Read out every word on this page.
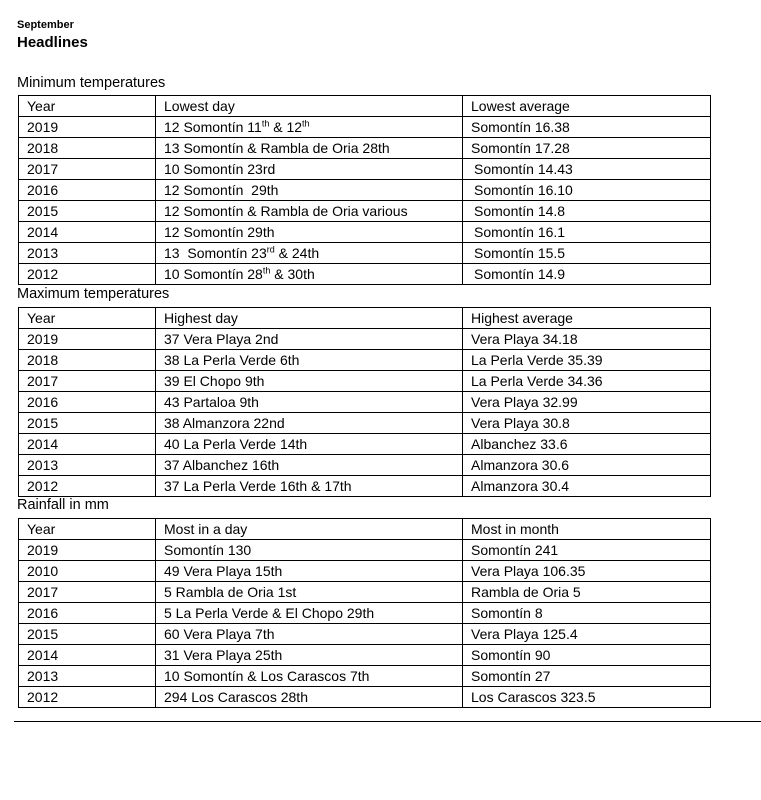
September
Headlines
Minimum temperatures
Year	Lowest day	Lowest average
2019	12 Somontín 11th & 12th	Somontín 16.38
2018	13 Somontín & Rambla de Oria 28th	Somontín 17.28
2017	10 Somontín 23rd	Somontín 14.43
2016	12 Somontín  29th	Somontín 16.10
2015	12 Somontín & Rambla de Oria various	Somontín 14.8
2014	12 Somontín 29th	Somontín 16.1
2013	13  Somontín 23rd & 24th	Somontín 15.5
2012	10 Somontín 28th & 30th	Somontín 14.9
Maximum temperatures
Year	Highest day	Highest average
2019	37 Vera Playa 2nd	Vera Playa 34.18
2018	38 La Perla Verde 6th	La Perla Verde 35.39
2017	39 El Chopo 9th	La Perla Verde 34.36
2016	43 Partaloa 9th	Vera Playa 32.99
2015	38 Almanzora 22nd	Vera Playa 30.8
2014	40 La Perla Verde 14th	Albanchez 33.6
2013	37 Albanchez 16th	Almanzora 30.6
2012	37 La Perla Verde 16th & 17th	Almanzora 30.4
Rainfall in mm
Year	Most in a day	Most in month
2019	Somontín 130	Somontín 241
2010	49 Vera Playa 15th	Vera Playa 106.35
2017	5 Rambla de Oria 1st	Rambla de Oria 5
2016	5 La Perla Verde & El Chopo 29th	Somontín 8
2015	60 Vera Playa 7th	Vera Playa 125.4
2014	31 Vera Playa 25th	Somontín 90
2013	10 Somontín & Los Carascos 7th	Somontín 27
2012	294 Los Carascos 28th	Los Carascos 323.5
